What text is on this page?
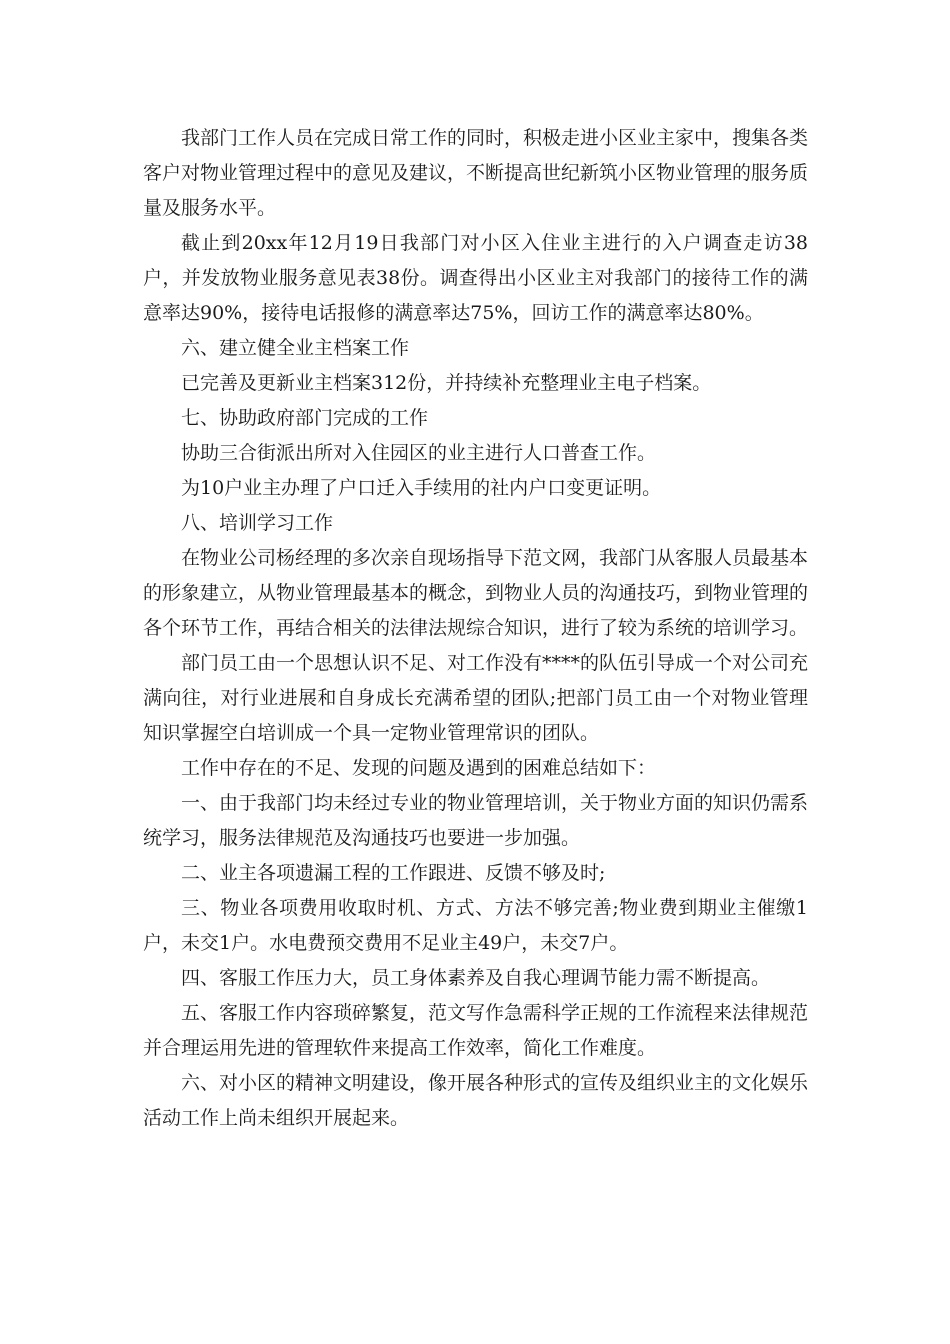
我部门工作人员在完成日常工作的同时，积极走进小区业主家中，搜集各类客户对物业管理过程中的意见及建议，不断提高世纪新筑小区物业管理的服务质量及服务水平。

截止到20xx年12月19日我部门对小区入住业主进行的入户调查走访38户，并发放物业服务意见表38份。调查得出小区业主对我部门的接待工作的满意率达90%，接待电话报修的满意率达75%，回访工作的满意率达80%。

六、建立健全业主档案工作

已完善及更新业主档案312份，并持续补充整理业主电子档案。

七、协助政府部门完成的工作

协助三合街派出所对入住园区的业主进行人口普查工作。

为10户业主办理了户口迁入手续用的社内户口变更证明。

八、培训学习工作

在物业公司杨经理的多次亲自现场指导下范文网，我部门从客服人员最基本的形象建立，从物业管理最基本的概念，到物业人员的沟通技巧，到物业管理的各个环节工作，再结合相关的法律法规综合知识，进行了较为系统的培训学习。

部门员工由一个思想认识不足、对工作没有****的队伍引导成一个对公司充满向往，对行业进展和自身成长充满希望的团队;把部门员工由一个对物业管理知识掌握空白培训成一个具一定物业管理常识的团队。

工作中存在的不足、发现的问题及遇到的困难总结如下：

一、由于我部门均未经过专业的物业管理培训，关于物业方面的知识仍需系统学习，服务法律规范及沟通技巧也要进一步加强。

二、业主各项遗漏工程的工作跟进、反馈不够及时;

三、物业各项费用收取时机、方式、方法不够完善;物业费到期业主催缴1户，未交1户。水电费预交费用不足业主49户，未交7户。

四、客服工作压力大，员工身体素养及自我心理调节能力需不断提高。

五、客服工作内容琐碎繁复，范文写作急需科学正规的工作流程来法律规范并合理运用先进的管理软件来提高工作效率，简化工作难度。

六、对小区的精神文明建设，像开展各种形式的宣传及组织业主的文化娱乐活动工作上尚未组织开展起来。
